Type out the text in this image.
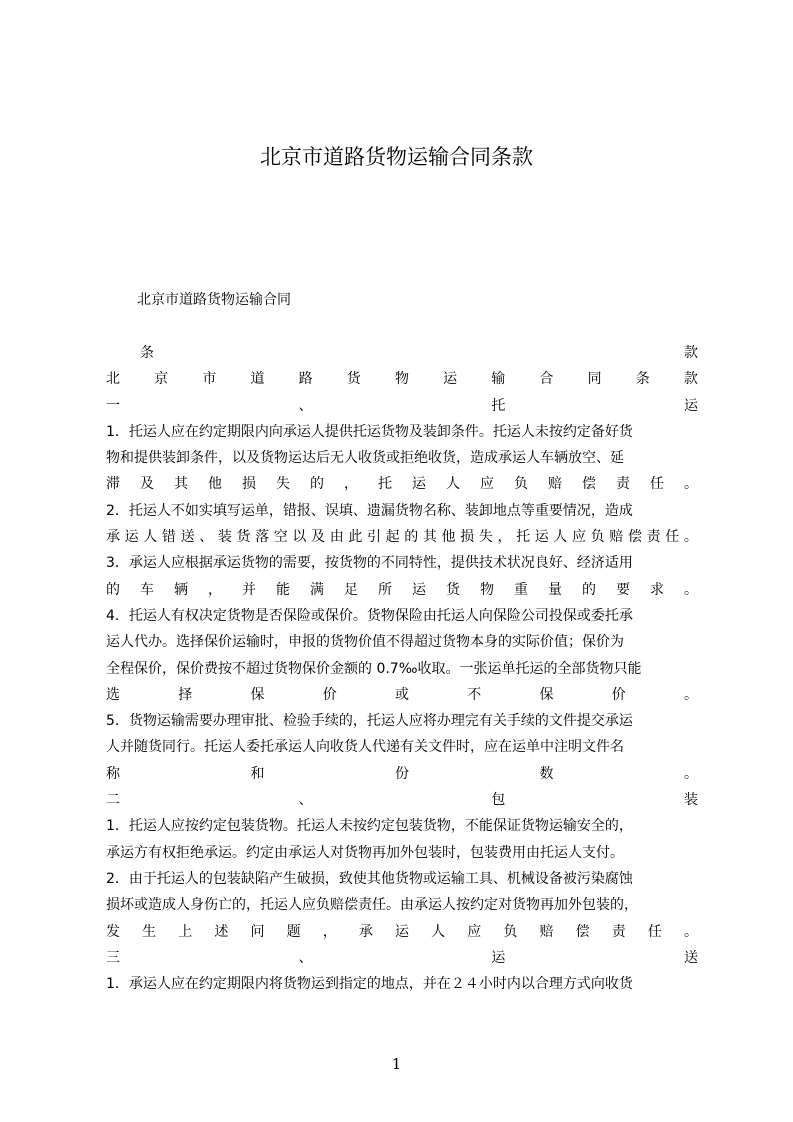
北京市道路货物运输合同条款
北京市道路货物运输合同
条	款
北 京 市 道 路 货 物 运 输 合 同 条 款
一	、	托	运
1．托运人应在约定期限内向承运人提供托运货物及装卸条件。托运人未按约定备好货
物和提供装卸条件，以及货物运达后无人收货或拒绝收货，造成承运人车辆放空、延
滞 及 其 他 损 失 的 ， 托 运 人 应 负 赔 偿 责 任 。
2．托运人不如实填写运单，错报、误填、遗漏货物名称、装卸地点等重要情况，造成
承 运 人 错 送 、 装 货 落 空 以 及 由 此 引 起 的 其 他 损 失 ， 托 运 人 应 负 赔 偿 责 任 。
3．承运人应根据承运货物的需要，按货物的不同特性，提供技术状况良好、经济适用
的 车 辆 ， 并 能 满 足 所 运 货 物 重 量 的 要 求 。
4．托运人有权决定货物是否保险或保价。货物保险由托运人向保险公司投保或委托承
运人代办。选择保价运输时，申报的货物价值不得超过货物本身的实际价值；保价为
全程保价，保价费按不超过货物保价金额的 0.7‰收取。一张运单托运的全部货物只能
选	择	保	价	或	不	保	价	。
5．货物运输需要办理审批、检验手续的，托运人应将办理完有关手续的文件提交承运
人并随货同行。托运人委托承运人向收货人代递有关文件时，应在运单中注明文件名
称	和	份	数	。
二	、	包	装
1．托运人应按约定包装货物。托运人未按约定包装货物，不能保证货物运输安全的，
承运方有权拒绝承运。约定由承运人对货物再加外包装时，包装费用由托运人支付。
2．由于托运人的包装缺陷产生破损，致使其他货物或运输工具、机械设备被污染腐蚀
损坏或造成人身伤亡的，托运人应负赔偿责任。由承运人按约定对货物再加外包装的，
发 生 上 述 问 题 ， 承 运 人 应 负 赔 偿 责 任 。
三	、	运	送
1．承运人应在约定期限内将货物运到指定的地点，并在２４小时内以合理方式向收货
1
